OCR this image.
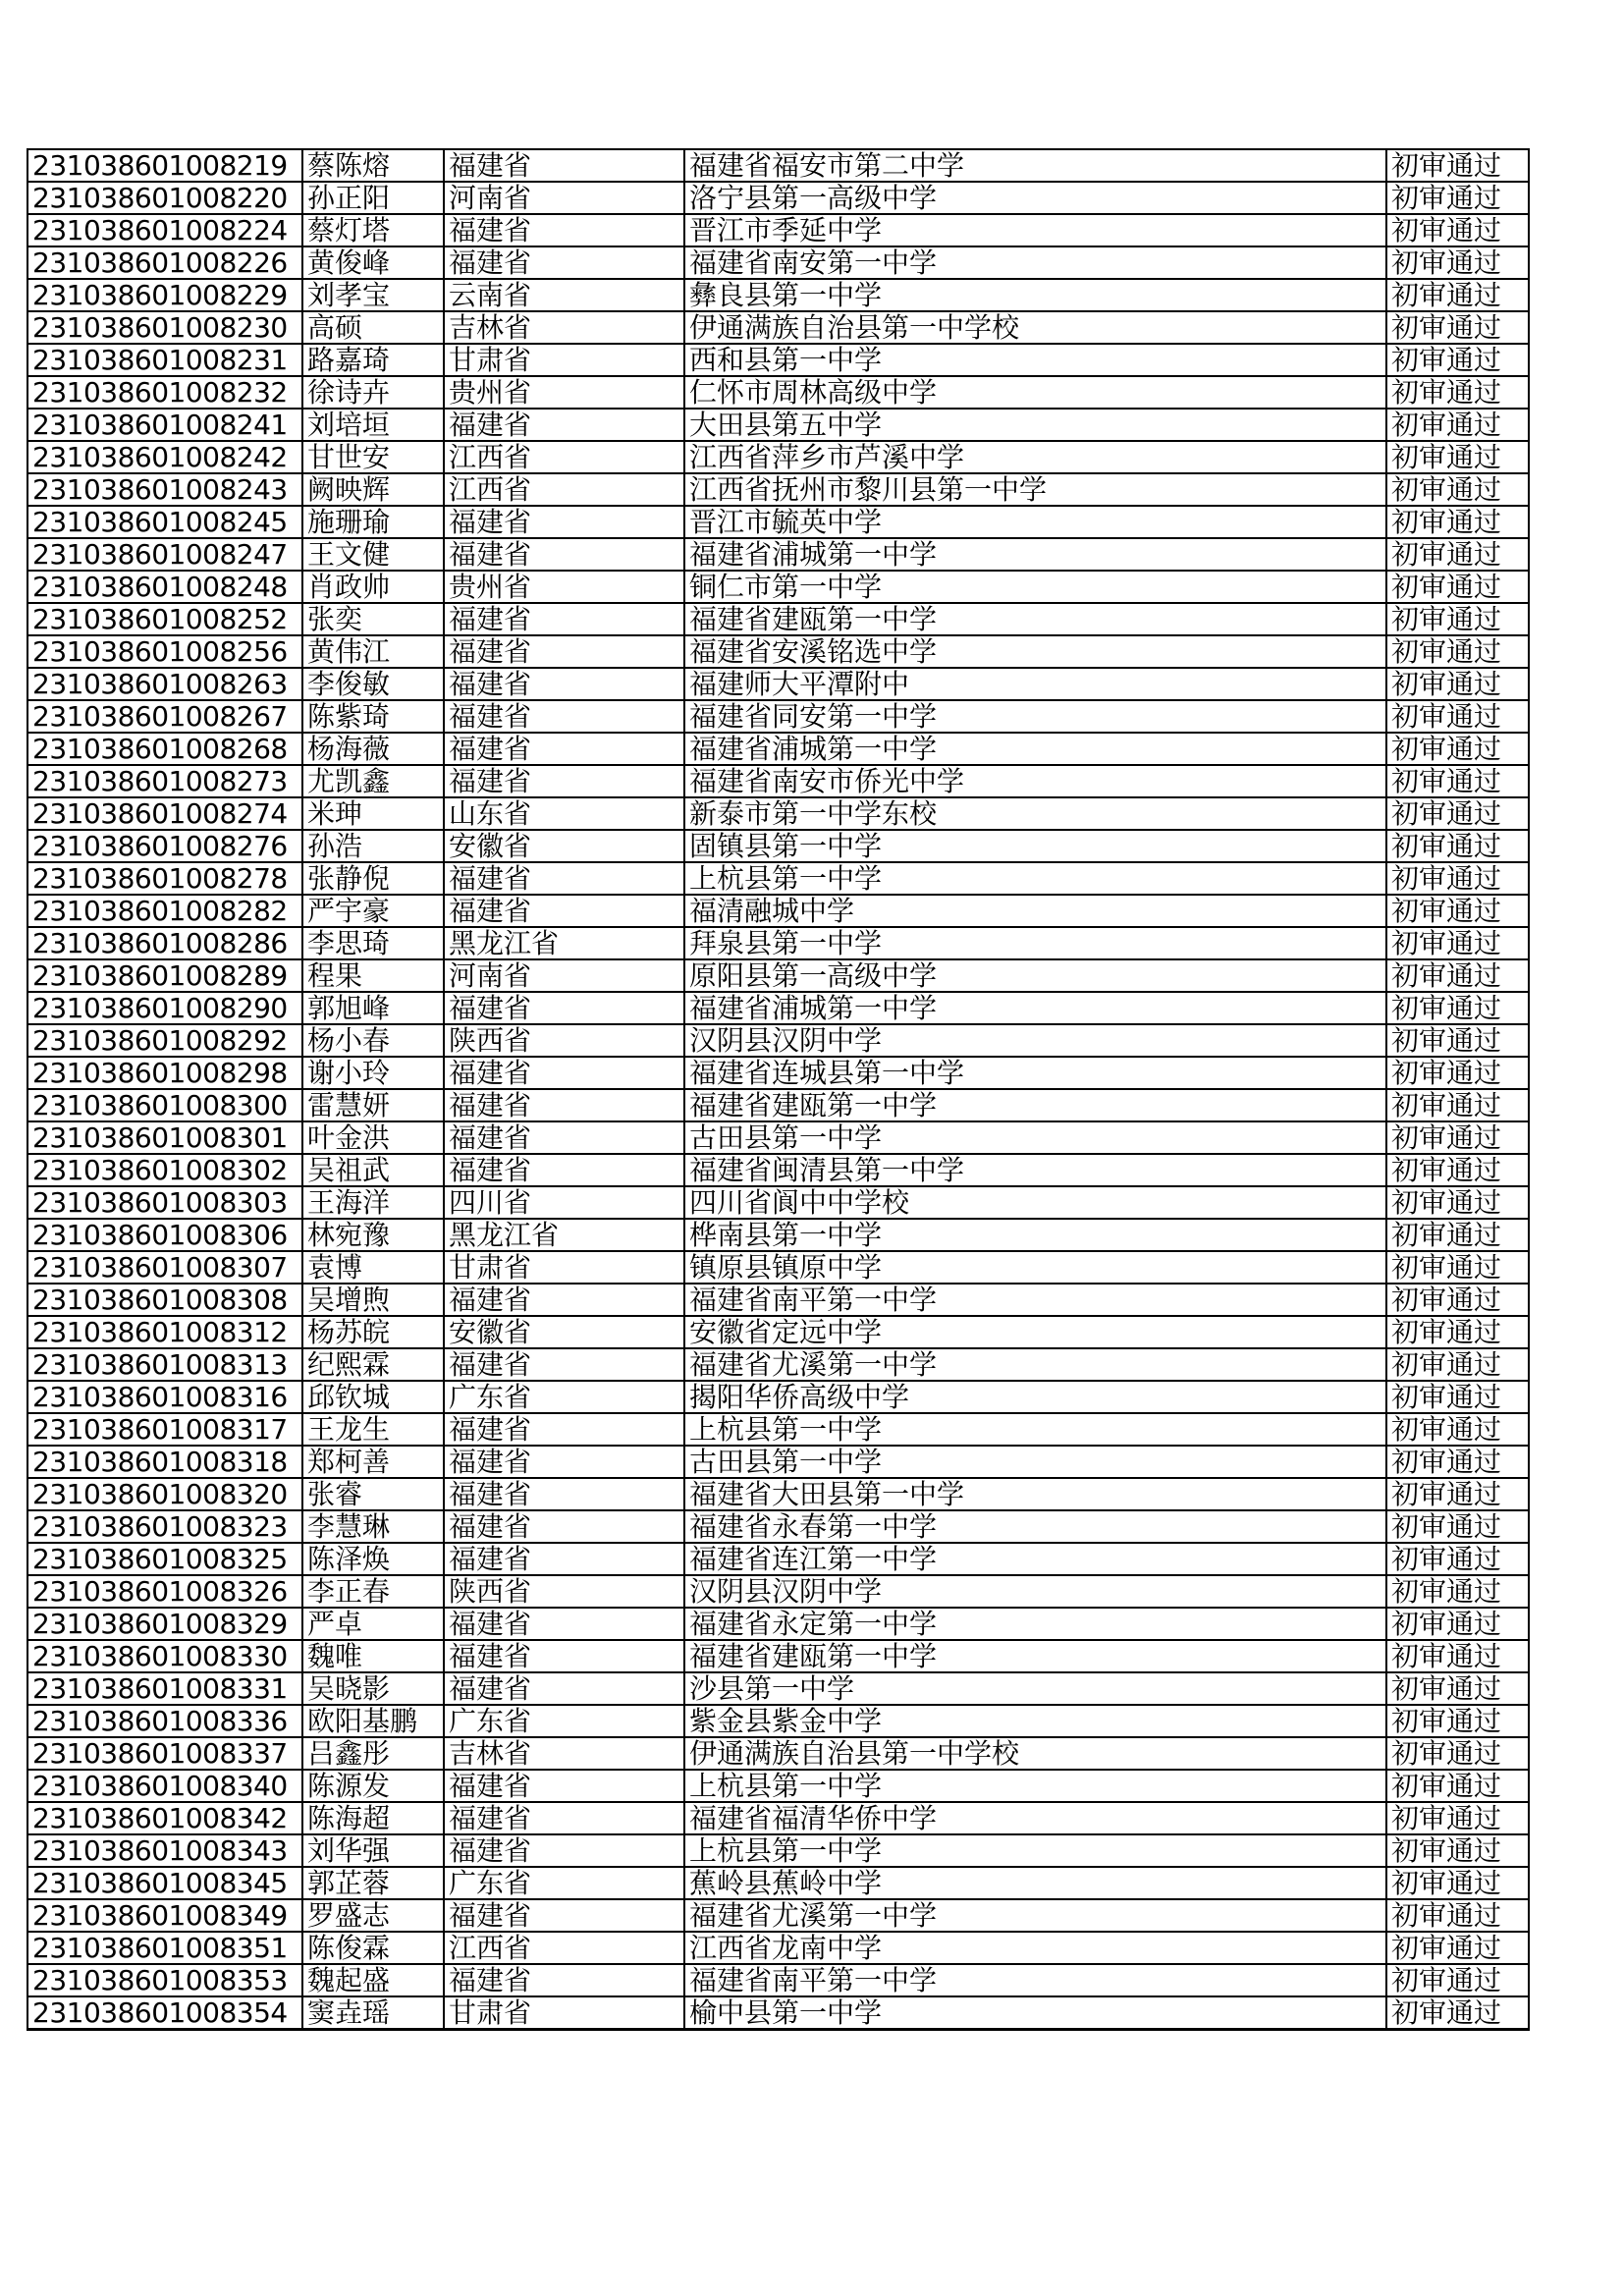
231038601008219	蔡陈熔	福建省	福建省福安市第二中学	初审通过
231038601008220	孙正阳	河南省	洛宁县第一高级中学	初审通过
231038601008224	蔡灯塔	福建省	晋江市季延中学	初审通过
231038601008226	黄俊峰	福建省	福建省南安第一中学	初审通过
231038601008229	刘孝宝	云南省	彝良县第一中学	初审通过
231038601008230	高硕	吉林省	伊通满族自治县第一中学校	初审通过
231038601008231	路嘉琦	甘肃省	西和县第一中学	初审通过
231038601008232	徐诗卉	贵州省	仁怀市周林高级中学	初审通过
231038601008241	刘培垣	福建省	大田县第五中学	初审通过
231038601008242	甘世安	江西省	江西省萍乡市芦溪中学	初审通过
231038601008243	阙映辉	江西省	江西省抚州市黎川县第一中学	初审通过
231038601008245	施珊瑜	福建省	晋江市毓英中学	初审通过
231038601008247	王文健	福建省	福建省浦城第一中学	初审通过
231038601008248	肖政帅	贵州省	铜仁市第一中学	初审通过
231038601008252	张奕	福建省	福建省建瓯第一中学	初审通过
231038601008256	黄伟江	福建省	福建省安溪铭选中学	初审通过
231038601008263	李俊敏	福建省	福建师大平潭附中	初审通过
231038601008267	陈紫琦	福建省	福建省同安第一中学	初审通过
231038601008268	杨海薇	福建省	福建省浦城第一中学	初审通过
231038601008273	尤凯鑫	福建省	福建省南安市侨光中学	初审通过
231038601008274	米珅	山东省	新泰市第一中学东校	初审通过
231038601008276	孙浩	安徽省	固镇县第一中学	初审通过
231038601008278	张静倪	福建省	上杭县第一中学	初审通过
231038601008282	严宇豪	福建省	福清融城中学	初审通过
231038601008286	李思琦	黑龙江省	拜泉县第一中学	初审通过
231038601008289	程果	河南省	原阳县第一高级中学	初审通过
231038601008290	郭旭峰	福建省	福建省浦城第一中学	初审通过
231038601008292	杨小春	陕西省	汉阴县汉阴中学	初审通过
231038601008298	谢小玲	福建省	福建省连城县第一中学	初审通过
231038601008300	雷慧妍	福建省	福建省建瓯第一中学	初审通过
231038601008301	叶金洪	福建省	古田县第一中学	初审通过
231038601008302	吴祖武	福建省	福建省闽清县第一中学	初审通过
231038601008303	王海洋	四川省	四川省阆中中学校	初审通过
231038601008306	林宛豫	黑龙江省	桦南县第一中学	初审通过
231038601008307	袁博	甘肃省	镇原县镇原中学	初审通过
231038601008308	吴增煦	福建省	福建省南平第一中学	初审通过
231038601008312	杨苏皖	安徽省	安徽省定远中学	初审通过
231038601008313	纪熙霖	福建省	福建省尤溪第一中学	初审通过
231038601008316	邱钦城	广东省	揭阳华侨高级中学	初审通过
231038601008317	王龙生	福建省	上杭县第一中学	初审通过
231038601008318	郑柯善	福建省	古田县第一中学	初审通过
231038601008320	张睿	福建省	福建省大田县第一中学	初审通过
231038601008323	李慧琳	福建省	福建省永春第一中学	初审通过
231038601008325	陈泽焕	福建省	福建省连江第一中学	初审通过
231038601008326	李正春	陕西省	汉阴县汉阴中学	初审通过
231038601008329	严卓	福建省	福建省永定第一中学	初审通过
231038601008330	魏唯	福建省	福建省建瓯第一中学	初审通过
231038601008331	吴晓影	福建省	沙县第一中学	初审通过
231038601008336	欧阳基鹏	广东省	紫金县紫金中学	初审通过
231038601008337	吕鑫彤	吉林省	伊通满族自治县第一中学校	初审通过
231038601008340	陈源发	福建省	上杭县第一中学	初审通过
231038601008342	陈海超	福建省	福建省福清华侨中学	初审通过
231038601008343	刘华强	福建省	上杭县第一中学	初审通过
231038601008345	郭芷蓉	广东省	蕉岭县蕉岭中学	初审通过
231038601008349	罗盛志	福建省	福建省尤溪第一中学	初审通过
231038601008351	陈俊霖	江西省	江西省龙南中学	初审通过
231038601008353	魏起盛	福建省	福建省南平第一中学	初审通过
231038601008354	窦垚瑶	甘肃省	榆中县第一中学	初审通过
